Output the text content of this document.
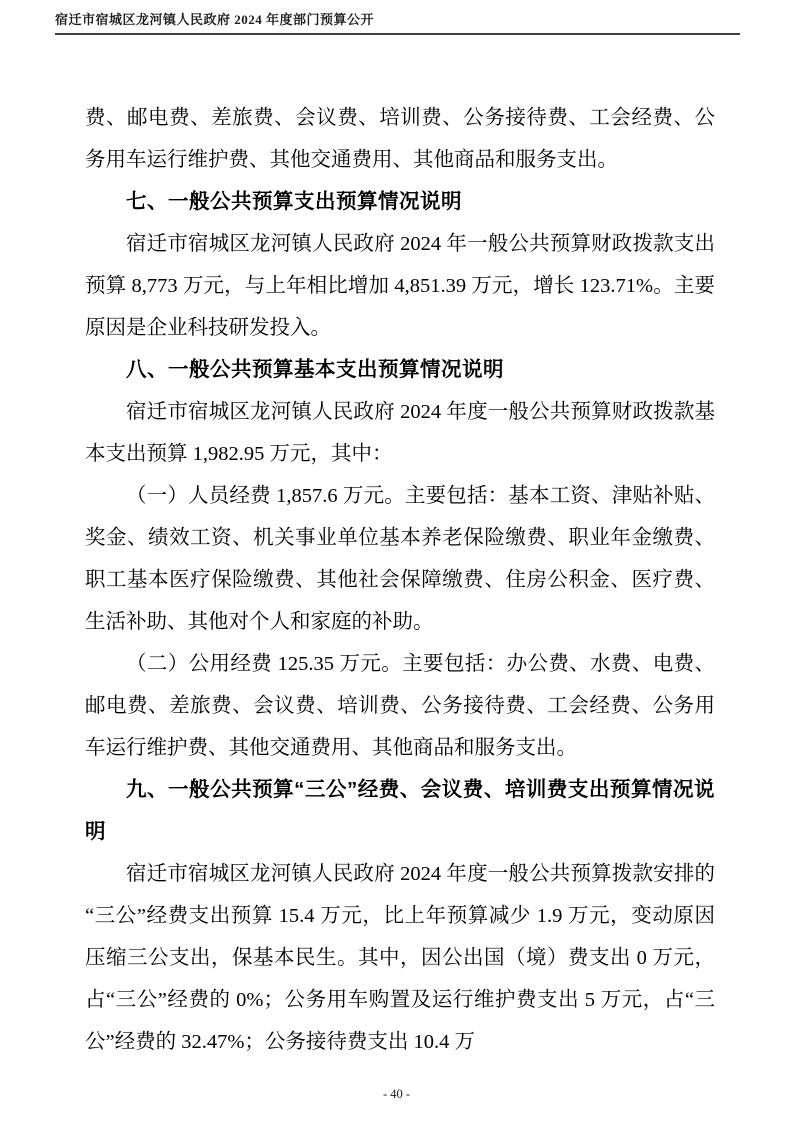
宿迁市宿城区龙河镇人民政府 2024 年度部门预算公开

费、邮电费、差旅费、会议费、培训费、公务接待费、工会经费、公务用车运行维护费、其他交通费用、其他商品和服务支出。

七、一般公共预算支出预算情况说明

宿迁市宿城区龙河镇人民政府 2024 年一般公共预算财政拨款支出预算 8,773 万元，与上年相比增加 4,851.39 万元，增长 123.71%。主要原因是企业科技研发投入。

八、一般公共预算基本支出预算情况说明

宿迁市宿城区龙河镇人民政府 2024 年度一般公共预算财政拨款基本支出预算 1,982.95 万元，其中：

（一）人员经费 1,857.6 万元。主要包括：基本工资、津贴补贴、奖金、绩效工资、机关事业单位基本养老保险缴费、职业年金缴费、职工基本医疗保险缴费、其他社会保障缴费、住房公积金、医疗费、生活补助、其他对个人和家庭的补助。

（二）公用经费 125.35 万元。主要包括：办公费、水费、电费、邮电费、差旅费、会议费、培训费、公务接待费、工会经费、公务用车运行维护费、其他交通费用、其他商品和服务支出。

九、一般公共预算“三公”经费、会议费、培训费支出预算情况说明

宿迁市宿城区龙河镇人民政府 2024 年度一般公共预算拨款安排的“三公”经费支出预算 15.4 万元，比上年预算减少 1.9 万元，变动原因压缩三公支出，保基本民生。其中，因公出国（境）费支出 0 万元，占“三公”经费的 0%；公务用车购置及运行维护费支出 5 万元，占“三公”经费的 32.47%；公务接待费支出 10.4 万

- 40 -
